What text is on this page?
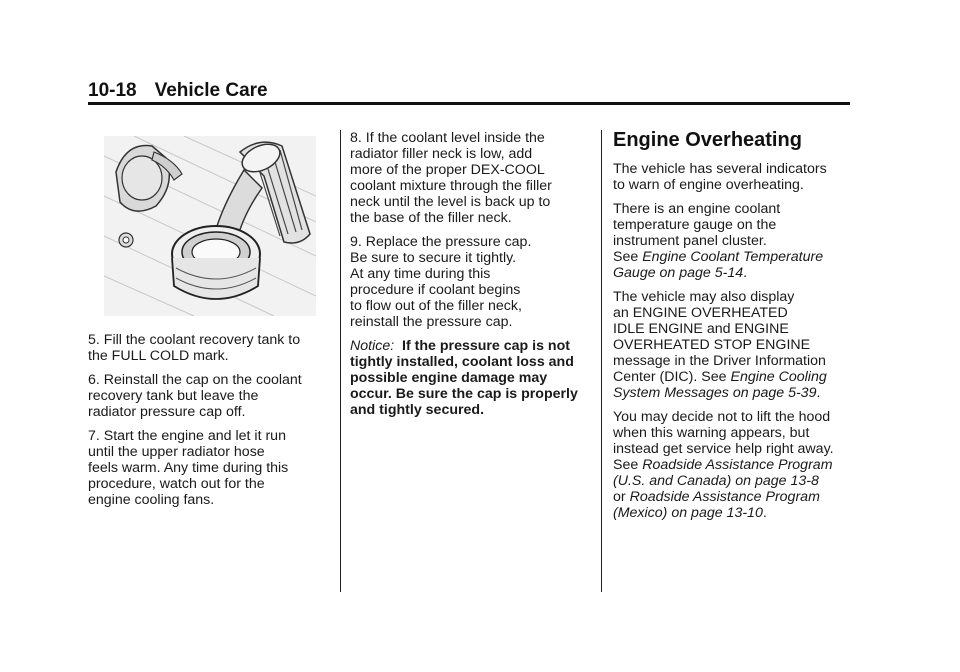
10-18 Vehicle Care
5. Fill the coolant recovery tank to
the FULL COLD mark.
6. Reinstall the cap on the coolant
recovery tank but leave the
radiator pressure cap off.
7. Start the engine and let it run
until the upper radiator hose
feels warm. Any time during this
procedure, watch out for the
engine cooling fans.
8. If the coolant level inside the
radiator filler neck is low, add
more of the proper DEX-COOL
coolant mixture through the filler
neck until the level is back up to
the base of the filler neck.
9. Replace the pressure cap.
Be sure to secure it tightly.
At any time during this
procedure if coolant begins
to flow out of the filler neck,
reinstall the pressure cap.
Notice: If the pressure cap is not
tightly installed, coolant loss and
possible engine damage may
occur. Be sure the cap is properly
and tightly secured.
Engine Overheating

The vehicle has several indicators
to warn of engine overheating.

There is an engine coolant
temperature gauge on the
instrument panel cluster.
See Engine Coolant Temperature
Gauge on page 5-14.

The vehicle may also display
an ENGINE OVERHEATED
IDLE ENGINE and ENGINE
OVERHEATED STOP ENGINE
message in the Driver Information
Center (DIC). See Engine Cooling
System Messages on page 5-39.

You may decide not to lift the hood
when this warning appears, but
instead get service help right away.
See Roadside Assistance Program
(U.S. and Canada) on page 13-8
or Roadside Assistance Program
(Mexico) on page 13-10.
